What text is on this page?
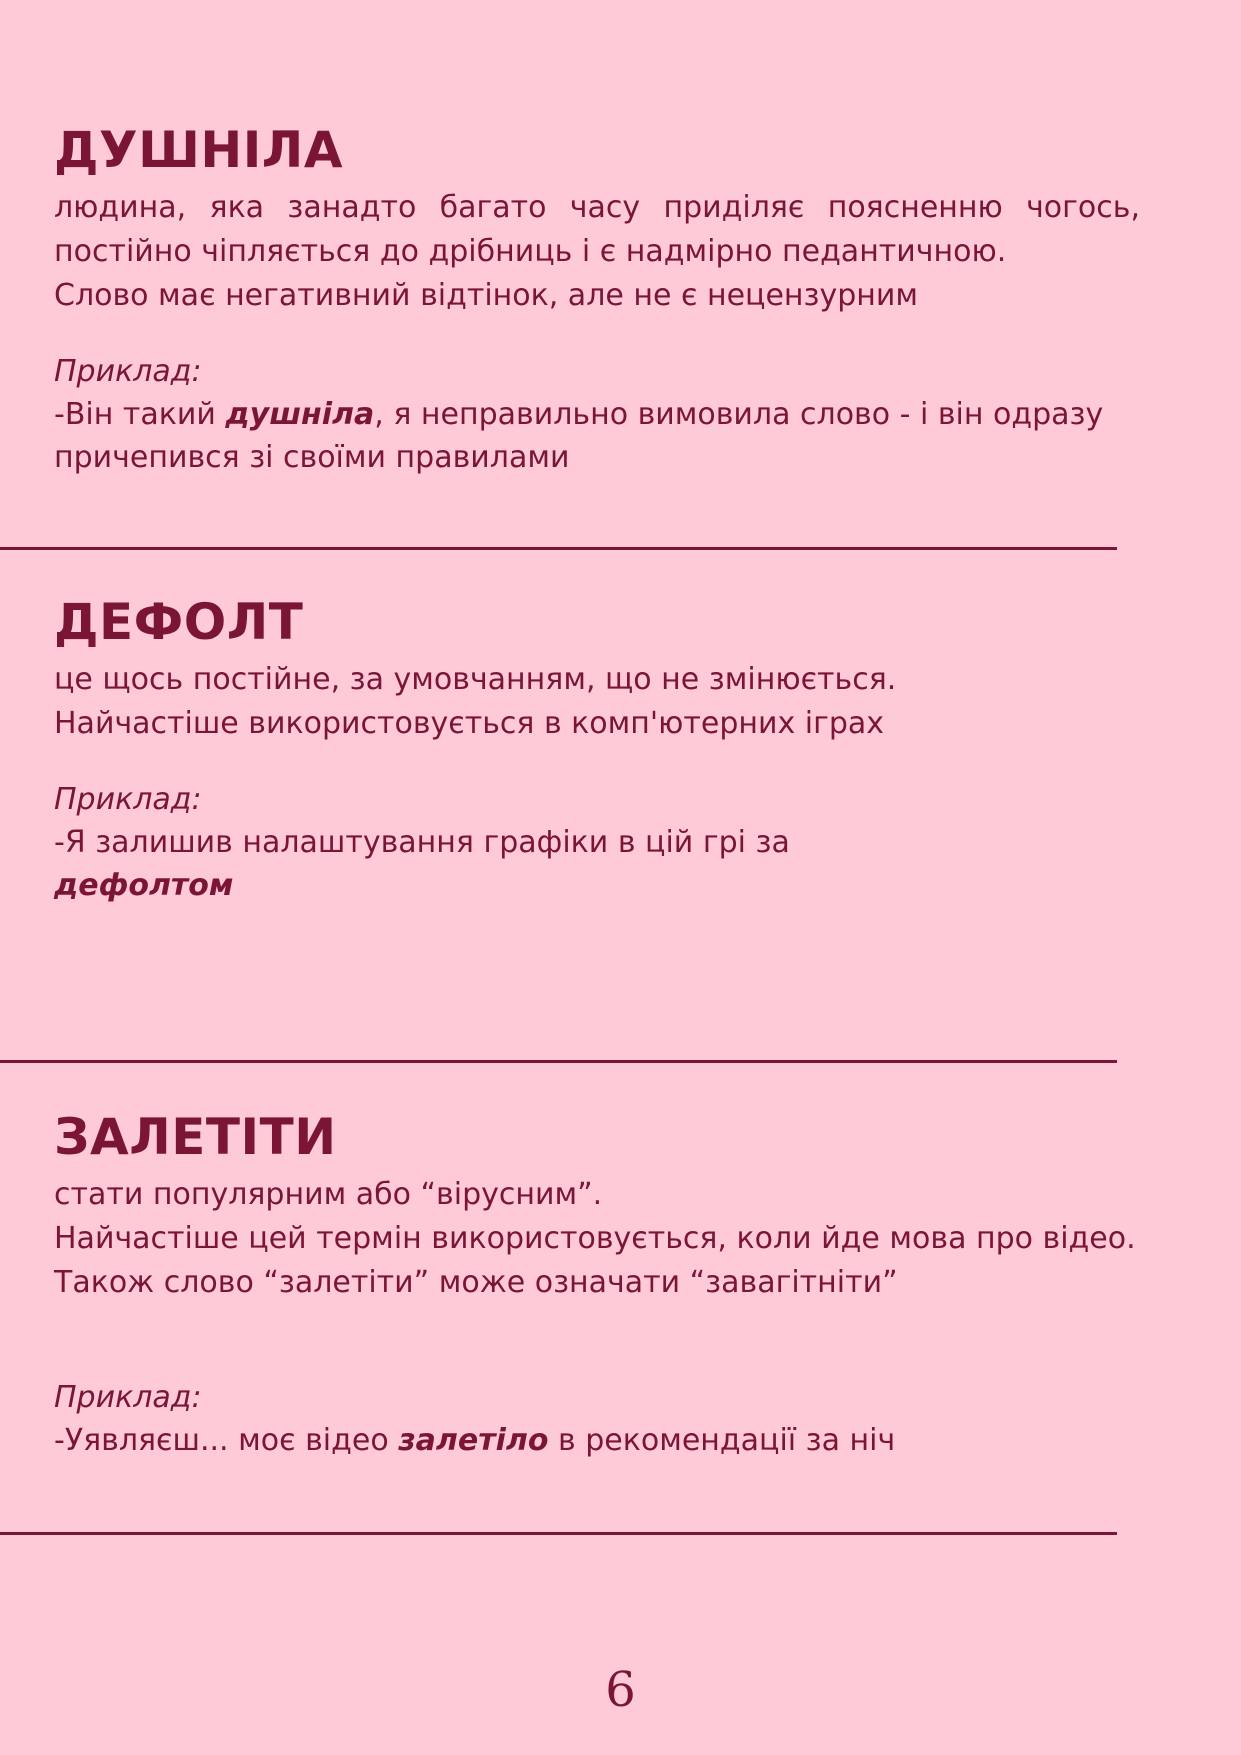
ДУШНІЛА

людина, яка занадто багато часу приділяє поясненню чогось, постійно чіпляється до дрібниць і є надмірно педантичною.
Слово має негативний відтінок, але не є нецензурним

Приклад:

-Він такий душніла, я неправильно вимовила слово - і він одразу причепився зі своїми правилами

ДЕФОЛТ

це щось постійне, за умовчанням, що не змінюється.
Найчастіше використовується в комп'ютерних іграх

Приклад:

-Я залишив налаштування графіки в цій грі за
дефолтом

ЗАЛЕТІТИ

стати популярним або “вірусним”.
Найчастіше цей термін використовується, коли йде мова про відео.
Також слово “залетіти” може означати “завагітніти”

Приклад:

-Уявляєш... моє відео залетіло в рекомендації за ніч

6
